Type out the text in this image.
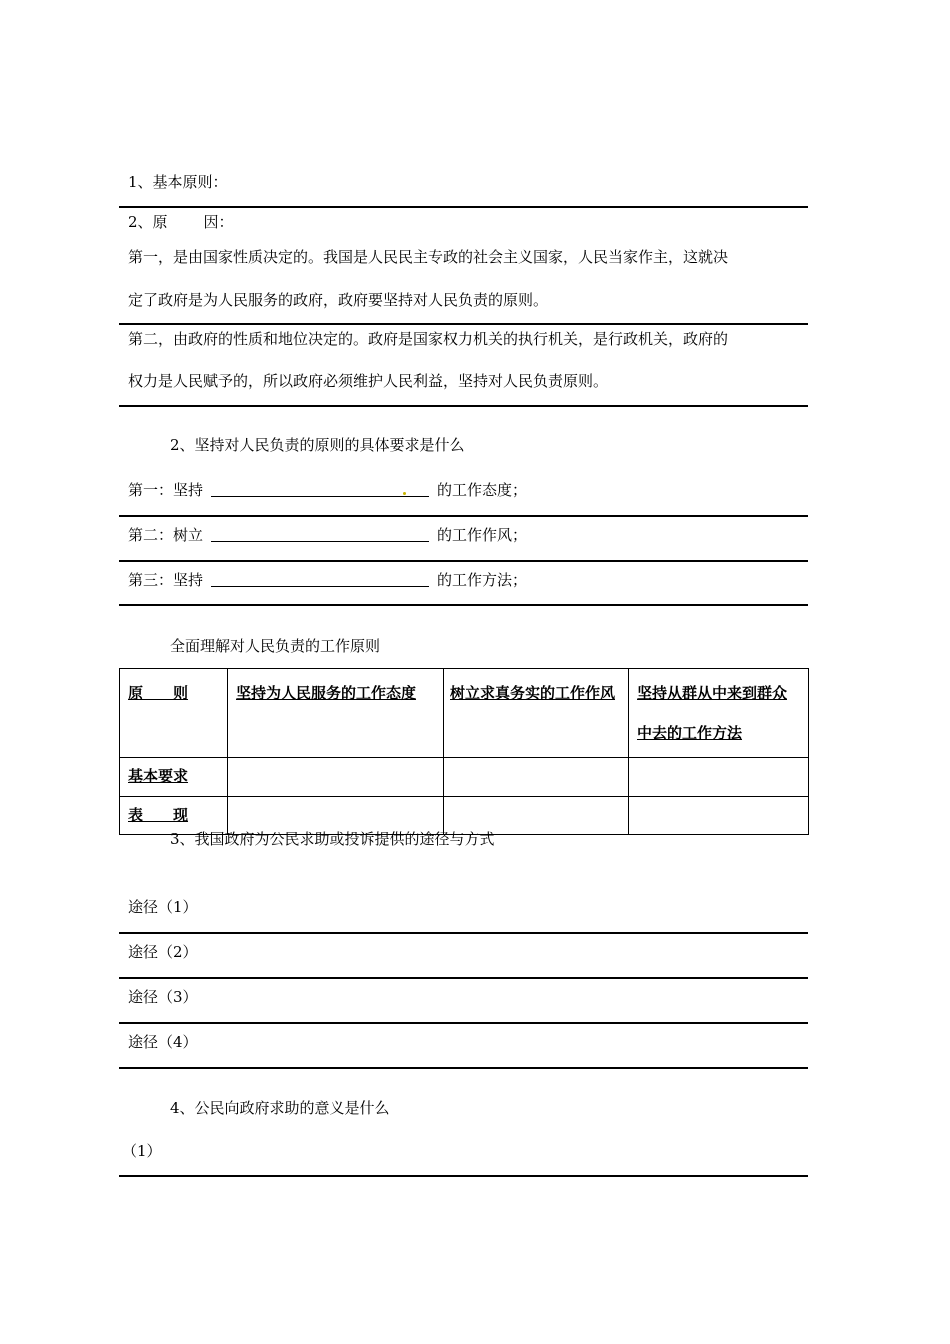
1、基本原则：
2、原 因：
第一，是由国家性质决定的。我国是人民民主专政的社会主义国家，人民当家作主，这就决
定了政府是为人民服务的政府，政府要坚持对人民负责的原则。
第二，由政府的性质和地位决定的。政府是国家权力机关的执行机关，是行政机关，政府的
权力是人民赋予的，所以政府必须维护人民利益，坚持对人民负责原则。
2、坚持对人民负责的原则的具体要求是什么
第一：坚持	的工作态度；
第二：树立	的工作作风；
第三：坚持	的工作方法；
全面理解对人民负责的工作原则
原　　则	坚持为人民服务的工作态度	树立求真务实的工作作风	坚持从群从中来到群众中去的工作方法
基本要求			
表　　现			
3、我国政府为公民求助或投诉提供的途径与方式
途径（1）
途径（2）
途径（3）
途径（4）
4、公民向政府求助的意义是什么
（1）
